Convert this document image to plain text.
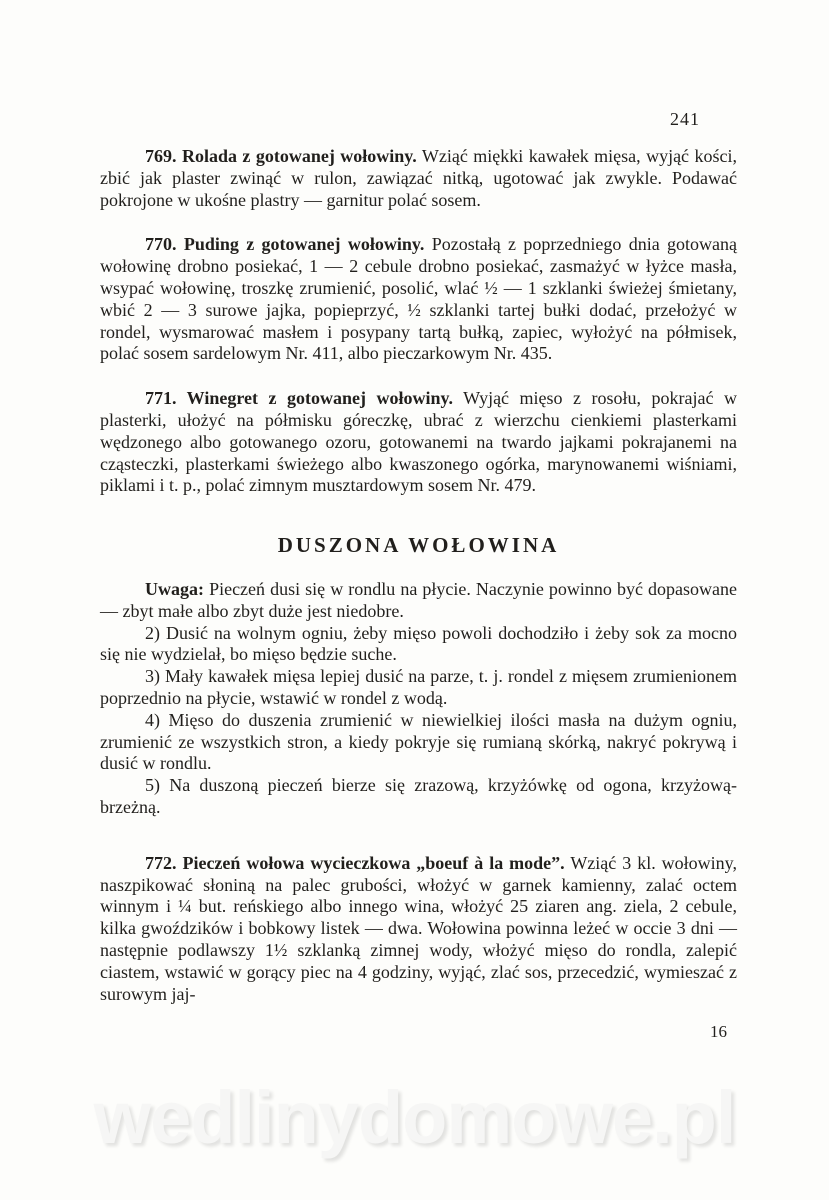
241

769. Rolada z gotowanej wołowiny. Wziąć miękki kawałek mięsa, wyjąć kości, zbić jak plaster zwinąć w rulon, zawiązać nitką, ugotować jak zwykle. Podawać pokrojone w ukośne plastry — garnitur polać sosem.

770. Puding z gotowanej wołowiny. Pozostałą z poprzedniego dnia gotowaną wołowinę drobno posiekać, 1 — 2 cebule drobno posiekać, zasmażyć w łyżce masła, wsypać wołowinę, troszkę zrumienić, posolić, wlać ½ — 1 szklanki świeżej śmietany, wbić 2 — 3 surowe jajka, popieprzyć, ½ szklanki tartej bułki dodać, przełożyć w rondel, wysmarować masłem i posypany tartą bułką, zapiec, wyłożyć na półmisek, polać sosem sardelowym Nr. 411, albo pieczarkowym Nr. 435.

771. Winegret z gotowanej wołowiny. Wyjąć mięso z rosołu, pokrajać w plasterki, ułożyć na półmisku góreczkę, ubrać z wierzchu cienkiemi plasterkami wędzonego albo gotowanego ozoru, gotowanemi na twardo jajkami pokrajanemi na cząsteczki, plasterkami świeżego albo kwaszonego ogórka, marynowanemi wiśniami, piklami i t. p., polać zimnym musztardowym sosem Nr. 479.

DUSZONA WOŁOWINA

Uwaga: Pieczeń dusi się w rondlu na płycie. Naczynie powinno być dopasowane — zbyt małe albo zbyt duże jest niedobre.

2) Dusić na wolnym ogniu, żeby mięso powoli dochodziło i żeby sok za mocno się nie wydzielał, bo mięso będzie suche.

3) Mały kawałek mięsa lepiej dusić na parze, t. j. rondel z mięsem zrumienionem poprzednio na płycie, wstawić w rondel z wodą.

4) Mięso do duszenia zrumienić w niewielkiej ilości masła na dużym ogniu, zrumienić ze wszystkich stron, a kiedy pokryje się rumianą skórką, nakryć pokrywą i dusić w rondlu.

5) Na duszoną pieczeń bierze się zrazową, krzyżówkę od ogona, krzyżową-brzeżną.

772. Pieczeń wołowa wycieczkowa „boeuf à la mode”. Wziąć 3 kl. wołowiny, naszpikować słoniną na palec grubości, włożyć w garnek kamienny, zalać octem winnym i ¼ but. reńskiego albo innego wina, włożyć 25 ziaren ang. ziela, 2 cebule, kilka gwoździków i bobkowy listek — dwa. Wołowina powinna leżeć w occie 3 dni — następnie podlawszy 1½ szklanką zimnej wody, włożyć mięso do rondla, zalepić ciastem, wstawić w gorący piec na 4 godziny, wyjąć, zlać sos, przecedzić, wymieszać z surowym jaj-

16

wedlinydomowe.pl
